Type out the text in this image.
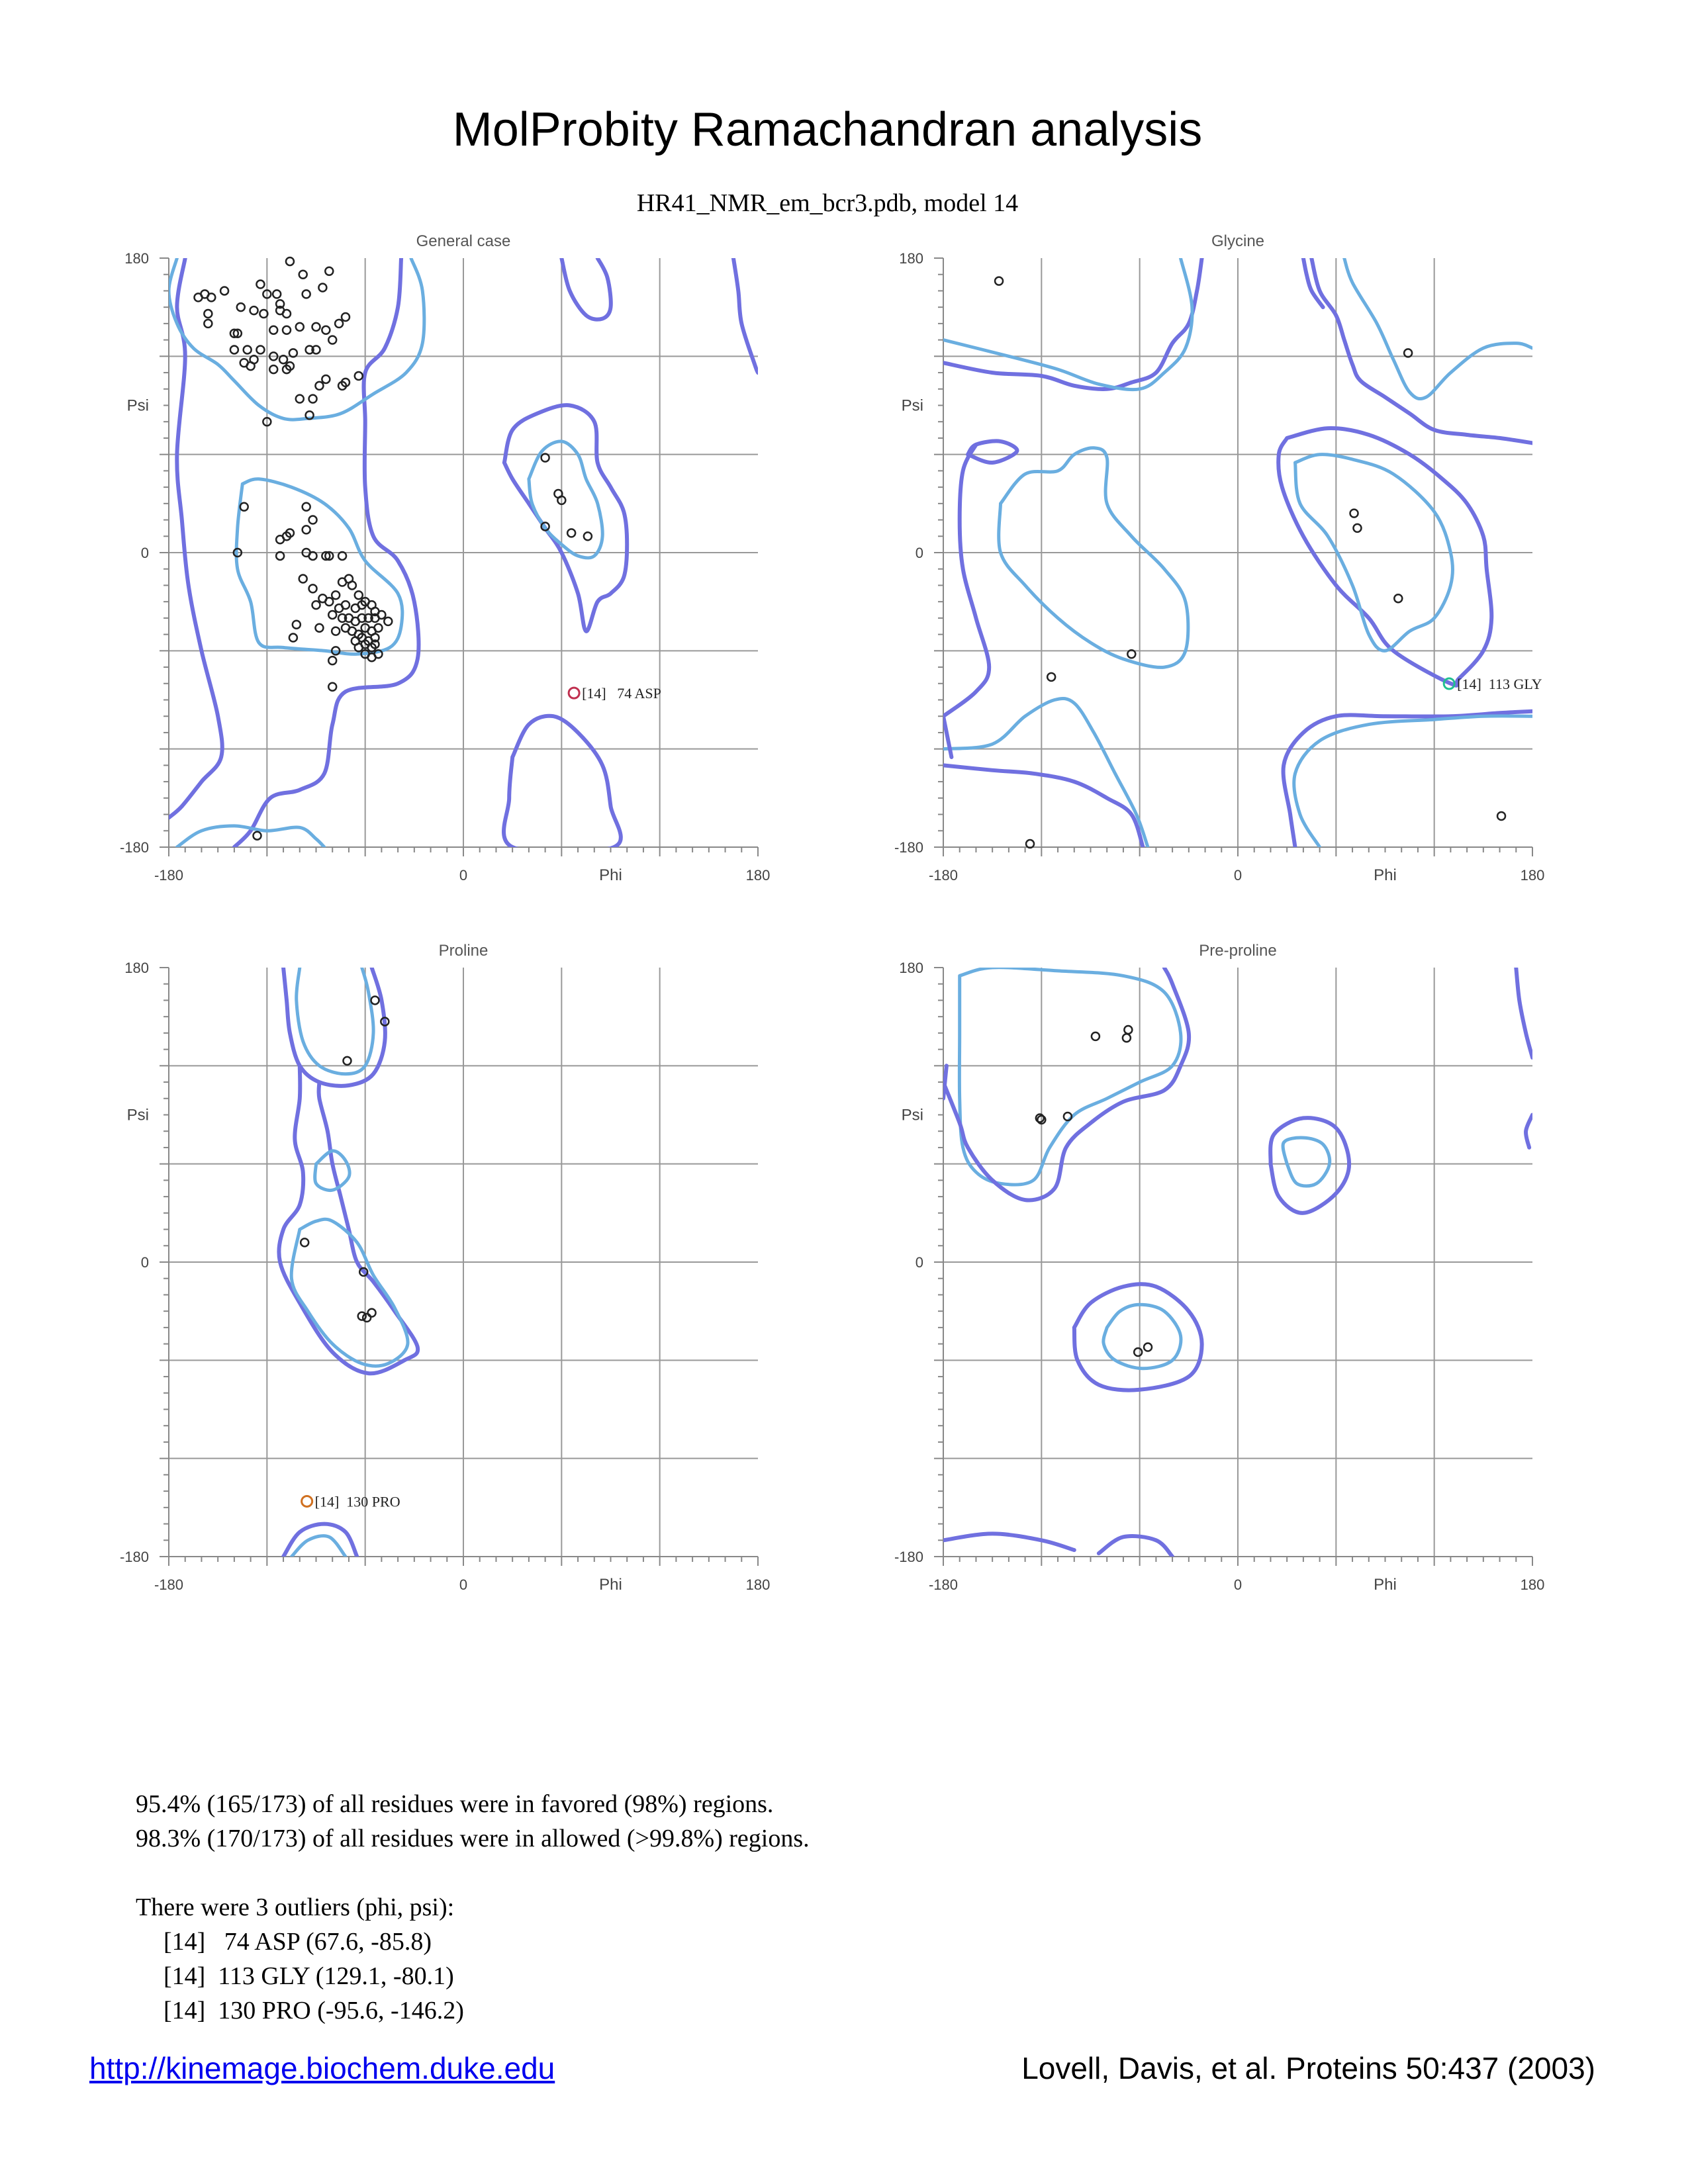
MolProbity Ramachandran analysis
HR41_NMR_em_bcr3.pdb, model 14
General case
180
0
-180
Psi
-180	0	180
Phi
[14]   74 ASP
Glycine
180
0
-180
Psi
-180	0	180
Phi
[14]  113 GLY
Proline
180
0
-180
Psi
-180	0	180
Phi
[14]  130 PRO
Pre-proline
180
0
-180
Psi
-180	0	180
Phi
95.4% (165/173) of all residues were in favored (98%) regions.
98.3% (170/173) of all residues were in allowed (>99.8%) regions.
There were 3 outliers (phi, psi):
[14]   74 ASP (67.6, -85.8)
[14]  113 GLY (129.1, -80.1)
[14]  130 PRO (-95.6, -146.2)
http://kinemage.biochem.duke.edu	Lovell, Davis, et al. Proteins 50:437 (2003)
